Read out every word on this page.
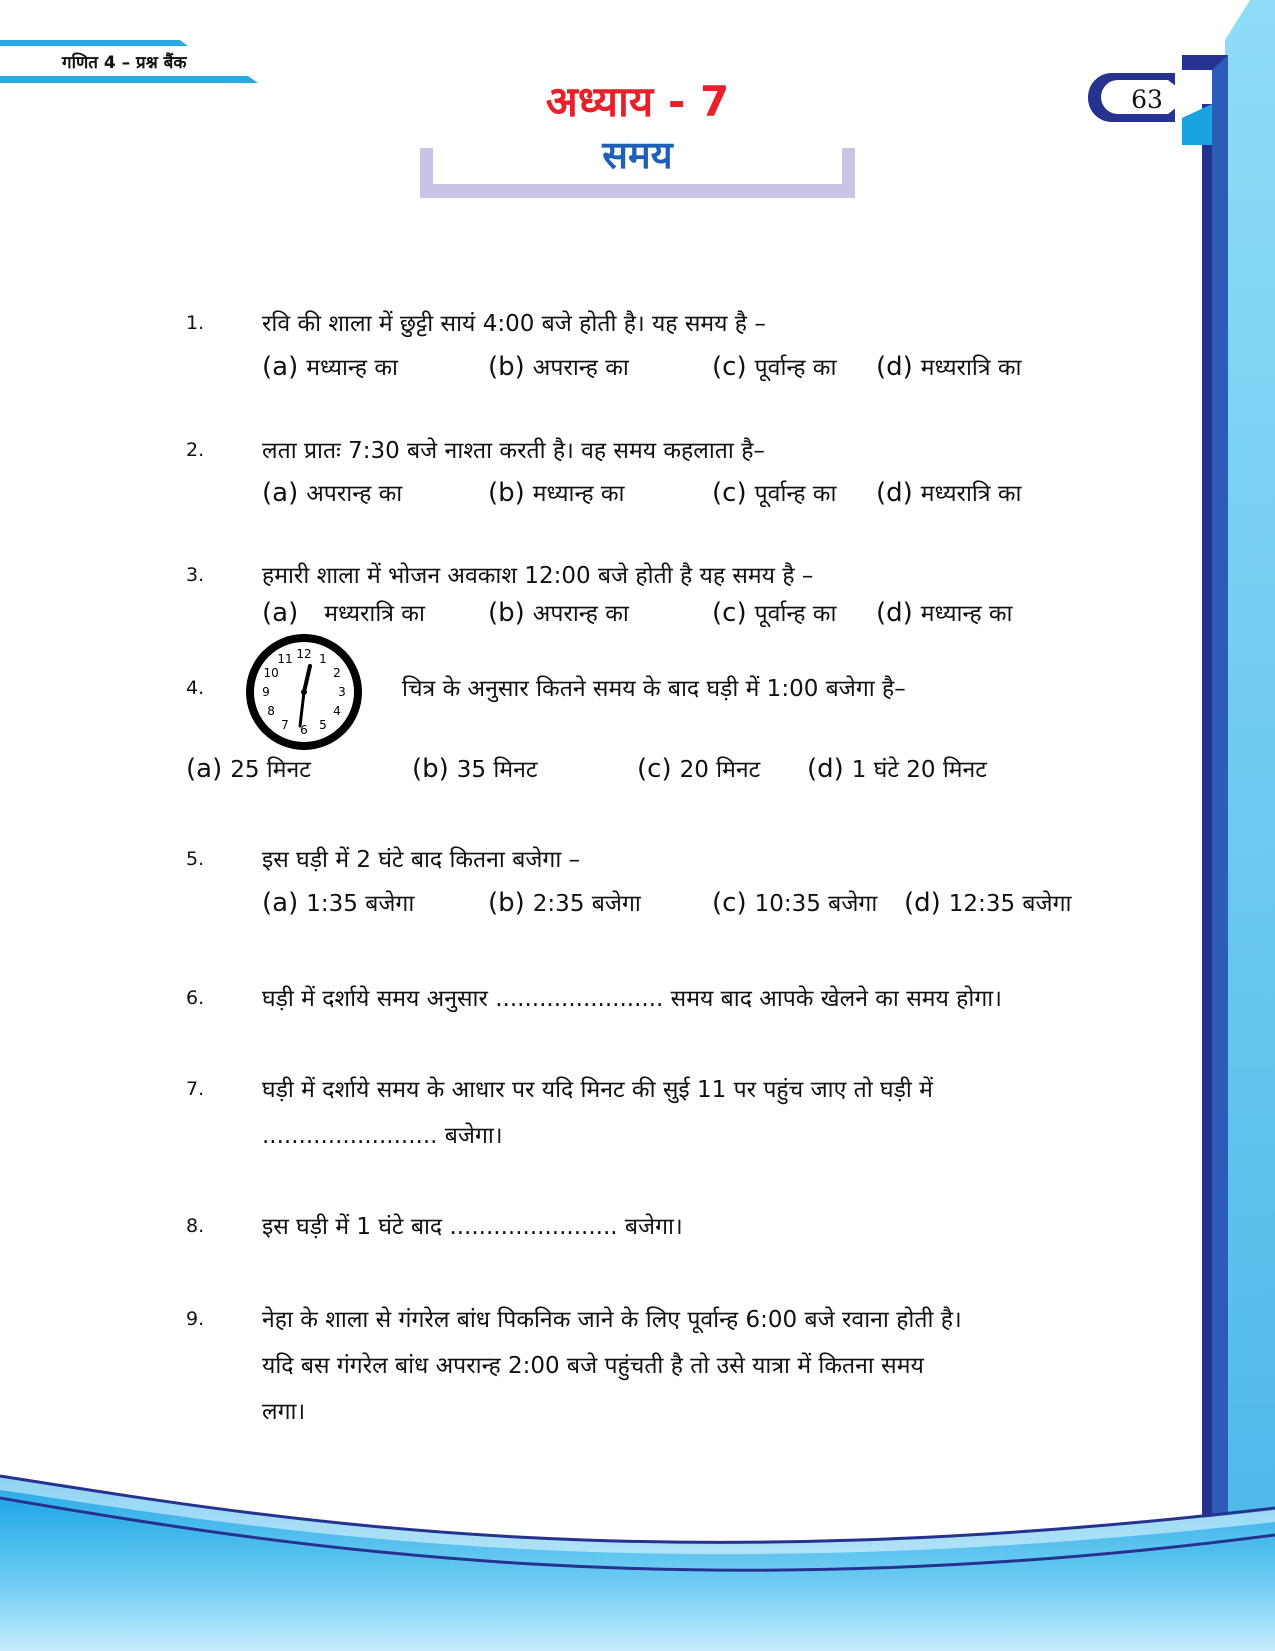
गणित 4 – प्रश्न बैंक
अध्याय - 7
समय
63
1.	रवि की शाला में छुट्टी सायं 4:00 बजे होती है। यह समय है –
(a) मध्यान्ह का	(b) अपरान्ह का	(c) पूर्वान्ह का (d) मध्यरात्रि का
2.	लता प्रातः 7:30 बजे नाश्ता करती है। वह समय कहलाता है–
(a) अपरान्ह का	(b) मध्यान्ह का	(c) पूर्वान्ह का (d) मध्यरात्रि का
3.	हमारी शाला में भोजन अवकाश 12:00 बजे होती है यह समय है –
(a) मध्यरात्रि का (b) अपरान्ह का	(c) पूर्वान्ह का (d) मध्यान्ह का
4.
12 1
2
3
4
5
6
7
8
9
10
11
चित्र के अनुसार कितने समय के बाद घड़ी में 1:00 बजेगा है–
(a) 25 मिनट	(b) 35 मिनट	(c) 20 मिनट (d) 1 घंटे 20 मिनट
5.	इस घड़ी में 2 घंटे बाद कितना बजेगा –
(a) 1:35 बजेगा	(b) 2:35 बजेगा	(c) 10:35 बजेगा (d) 12:35 बजेगा
6.	घड़ी में दर्शाये समय अनुसार ....................... समय बाद आपके खेलने का समय होगा।
7.	घड़ी में दर्शाये समय के आधार पर यदि मिनट की सुई 11 पर पहुंच जाए तो घड़ी में
........................ बजेगा।
8.	इस घड़ी में 1 घंटे बाद ....................... बजेगा।
9.	नेहा के शाला से गंगरेल बांध पिकनिक जाने के लिए पूर्वान्ह 6:00 बजे रवाना होती है।
यदि बस गंगरेल बांध अपरान्ह 2:00 बजे पहुंचती है तो उसे यात्रा में कितना समय
लगा।
